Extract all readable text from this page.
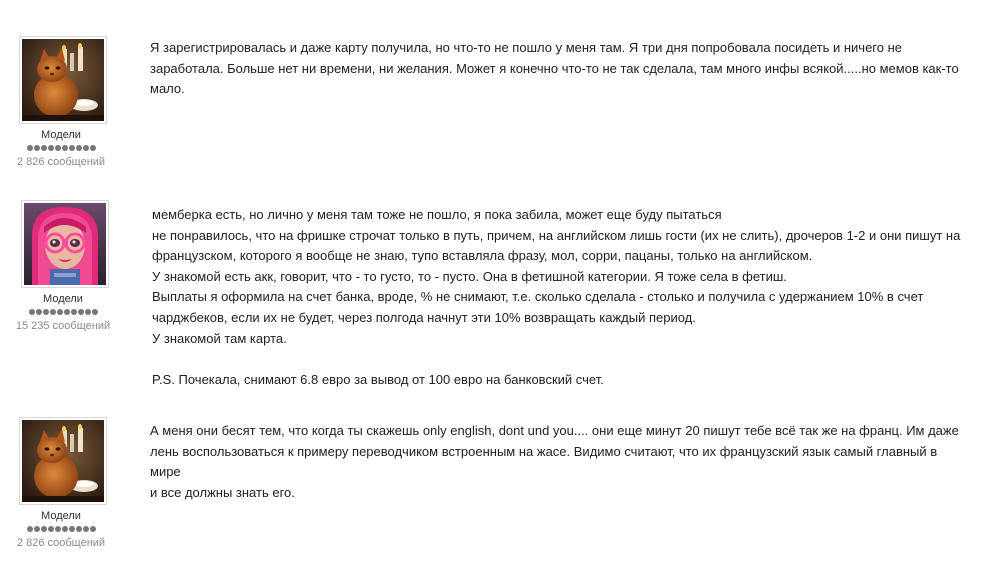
Модели
2 826 сообщений

Я зарегистрировалась и даже карту получила, но что-то не пошло у меня там. Я три дня попробовала посидеть и ничего не

заработала. Больше нет ни времени, ни желания. Может я конечно что-то не так сделала, там много инфы всякой.....но мемов как-то

мало.

Модели
15 235 сообщений

мемберка есть, но лично у меня там тоже не пошло, я пока забила, может еще буду пытаться

не понравилось, что на фришке строчат только в путь, причем, на английском лишь гости (их не слить), дрочеров 1-2 и они пишут на

французском, которого я вообще не знаю, тупо вставляла фразу, мол, сорри, пацаны, только на английском.

У знакомой есть акк, говорит, что - то густо, то - пусто. Она в фетишной категории. Я тоже села в фетиш.

Выплаты я оформила на счет банка, вроде, % не снимают, т.е. сколько сделала - столько и получила с удержанием 10% в счет

чарджбеков, если их не будет, через полгода начнут эти 10% возвращать каждый период.

У знакомой там карта.

P.S. Почекала, снимают 6.8 евро за вывод от 100 евро на банковский счет.

Модели
2 826 сообщений

А меня они бесят тем, что когда ты скажешь only english, dont und you.... они еще минут 20 пишут тебе всё так же на франц. Им даже

лень воспользоваться к примеру переводчиком встроенным на жасе. Видимо считают, что их французский язык самый главный в мире

и все должны знать его.
